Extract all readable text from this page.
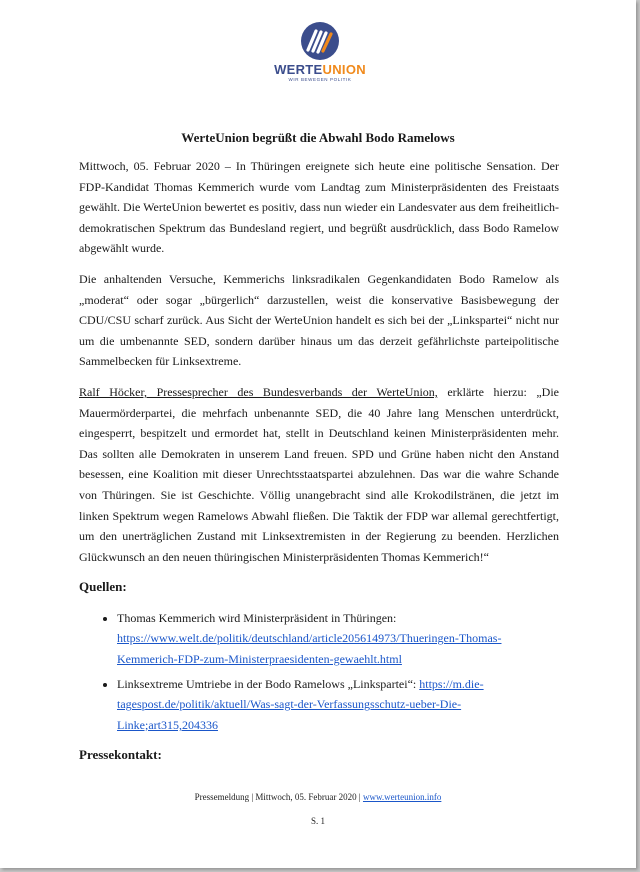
WERTEUNION
WIR BEWEGEN POLITIK
WerteUnion begrüßt die Abwahl Bodo Ramelows

Mittwoch, 05. Februar 2020 – In Thüringen ereignete sich heute eine politische Sensation. Der FDP-Kandidat Thomas Kemmerich wurde vom Landtag zum Ministerpräsidenten des Freistaats gewählt. Die WerteUnion bewertet es positiv, dass nun wieder ein Landesvater aus dem freiheitlich-demokratischen Spektrum das Bundesland regiert, und begrüßt ausdrücklich, dass Bodo Ramelow abgewählt wurde.

Die anhaltenden Versuche, Kemmerichs linksradikalen Gegenkandidaten Bodo Ramelow als „moderat“ oder sogar „bürgerlich“ darzustellen, weist die konservative Basisbewegung der CDU/CSU scharf zurück. Aus Sicht der WerteUnion handelt es sich bei der „Linkspartei“ nicht nur um die umbenannte SED, sondern darüber hinaus um das derzeit gefährlichste parteipolitische Sammelbecken für Linksextreme.

Ralf Höcker, Pressesprecher des Bundesverbands der WerteUnion, erklärte hierzu: „Die Mauermörderpartei, die mehrfach unbenannte SED, die 40 Jahre lang Menschen unterdrückt, eingesperrt, bespitzelt und ermordet hat, stellt in Deutschland keinen Ministerpräsidenten mehr. Das sollten alle Demokraten in unserem Land freuen. SPD und Grüne haben nicht den Anstand besessen, eine Koalition mit dieser Unrechtsstaatspartei abzulehnen. Das war die wahre Schande von Thüringen. Sie ist Geschichte. Völlig unangebracht sind alle Krokodilstränen, die jetzt im linken Spektrum wegen Ramelows Abwahl fließen. Die Taktik der FDP war allemal gerechtfertigt, um den unerträglichen Zustand mit Linksextremisten in der Regierung zu beenden. Herzlichen Glückwunsch an den neuen thüringischen Ministerpräsidenten Thomas Kemmerich!“

Quellen:
• Thomas Kemmerich wird Ministerpräsident in Thüringen:
https://www.welt.de/politik/deutschland/article205614973/Thueringen-Thomas-Kemmerich-FDP-zum-Ministerpraesidenten-gewaehlt.html
• Linksextreme Umtriebe in der Bodo Ramelows „Linkspartei“: https://m.die-tagespost.de/politik/aktuell/Was-sagt-der-Verfassungsschutz-ueber-Die-Linke;art315,204336
Pressekontakt:
Pressemeldung | Mittwoch, 05. Februar 2020 | www.werteunion.info
S. 1
